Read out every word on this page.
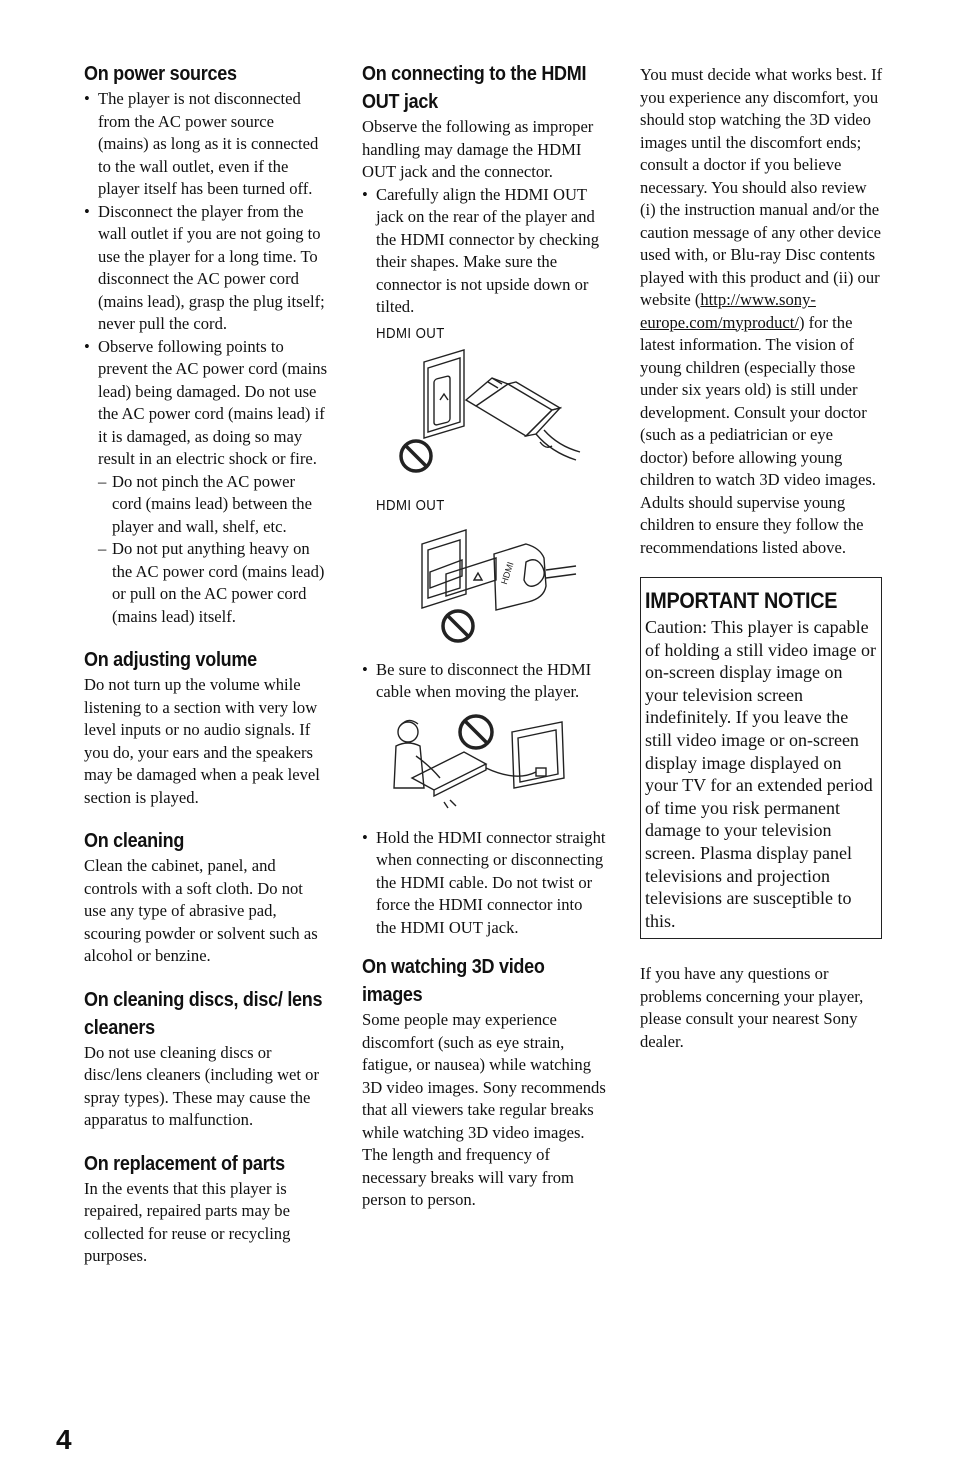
On power sources
• The player is not disconnected from the AC power source (mains) as long as it is connected to the wall outlet, even if the player itself has been turned off.
• Disconnect the player from the wall outlet if you are not going to use the player for a long time. To disconnect the AC power cord (mains lead), grasp the plug itself; never pull the cord.
• Observe following points to prevent the AC power cord (mains lead) being damaged. Do not use the AC power cord (mains lead) if it is damaged, as doing so may result in an electric shock or fire.
– Do not pinch the AC power cord (mains lead) between the player and wall, shelf, etc.
– Do not put anything heavy on the AC power cord (mains lead) or pull on the AC power cord (mains lead) itself.
On adjusting volume

Do not turn up the volume while listening to a section with very low level inputs or no audio signals. If you do, your ears and the speakers may be damaged when a peak level section is played.

On cleaning

Clean the cabinet, panel, and controls with a soft cloth. Do not use any type of abrasive pad, scouring powder or solvent such as alcohol or benzine.

On cleaning discs, disc/ lens cleaners

Do not use cleaning discs or disc/lens cleaners (including wet or spray types). These may cause the apparatus to malfunction.

On replacement of parts

In the events that this player is repaired, repaired parts may be collected for reuse or recycling purposes.

On connecting to the HDMI OUT jack

Observe the following as improper handling may damage the HDMI OUT jack and the connector.

• Carefully align the HDMI OUT jack on the rear of the player and the HDMI connector by checking their shapes. Make sure the connector is not upside down or tilted.
HDMI OUT
HDMI OUT
HDMI
• Be sure to disconnect the HDMI cable when moving the player.
• Hold the HDMI connector straight when connecting or disconnecting the HDMI cable. Do not twist or force the HDMI connector into the HDMI OUT jack.
On watching 3D video images

Some people may experience discomfort (such as eye strain, fatigue, or nausea) while watching 3D video images. Sony recommends that all viewers take regular breaks while watching 3D video images. The length and frequency of necessary breaks will vary from person to person.

You must decide what works best. If you experience any discomfort, you should stop watching the 3D video images until the discomfort ends; consult a doctor if you believe necessary. You should also review (i) the instruction manual and/or the caution message of any other device used with, or Blu-ray Disc contents played with this product and (ii) our website (http://www.sony-europe.com/myproduct/) for the latest information. The vision of young children (especially those under six years old) is still under development. Consult your doctor (such as a pediatrician or eye doctor) before allowing young children to watch 3D video images.

Adults should supervise young children to ensure they follow the recommendations listed above.

IMPORTANT NOTICE

Caution: This player is capable of holding a still video image or on-screen display image on your television screen indefinitely. If you leave the still video image or on-screen display image displayed on your TV for an extended period of time you risk permanent damage to your television screen. Plasma display panel televisions and projection televisions are susceptible to this.

If you have any questions or problems concerning your player, please consult your nearest Sony dealer.

4
